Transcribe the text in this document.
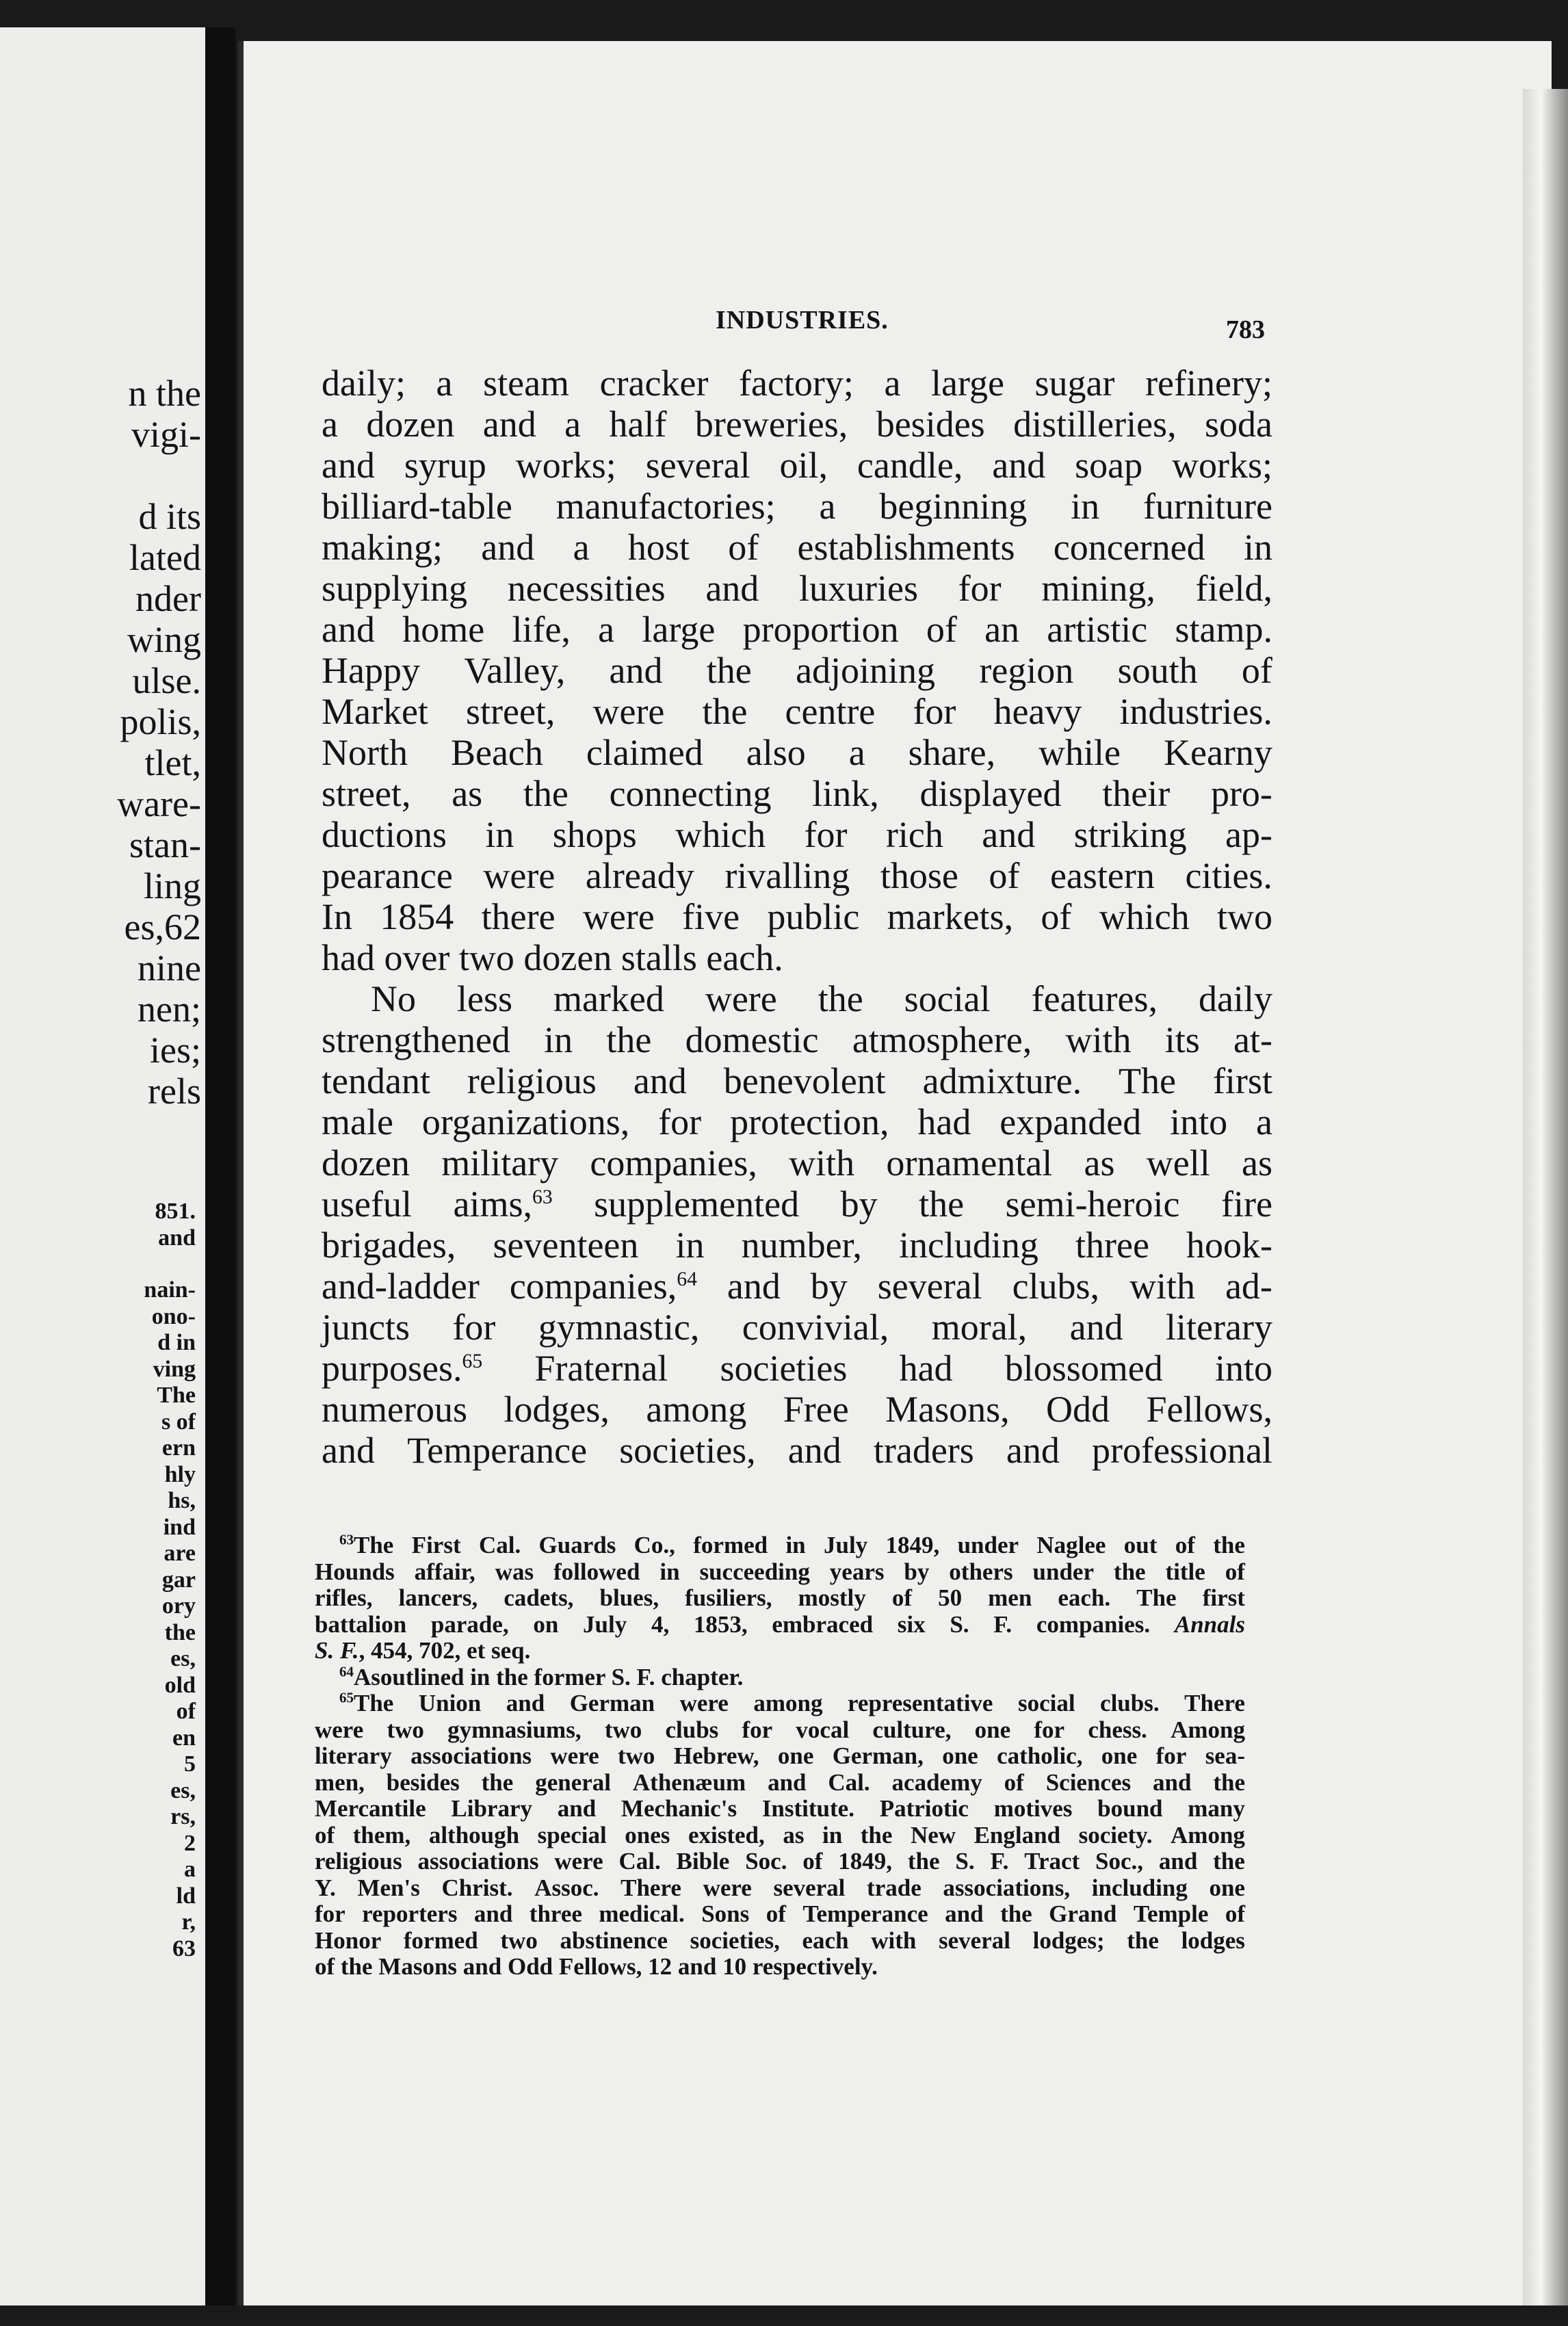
n the
vigi-
d its
lated
nder
wing
ulse.
polis,
tlet,
ware-
stan-
ling
es,62
nine
nen;
ies;
rels
851.
and
nain-
ono-
d in
ving
The
s of
ern
hly
hs,
ind
are
gar
ory
the
es,
old
of
en
5
es,
rs,
2
a
ld
r,
63
INDUSTRIES.	783
daily; a steam cracker factory; a large sugar refinery;
a dozen and a half breweries, besides distilleries, soda
and syrup works; several oil, candle, and soap works;
billiard-table manufactories; a beginning in furniture
making; and a host of establishments concerned in
supplying necessities and luxuries for mining, field,
and home life, a large proportion of an artistic stamp.
Happy Valley, and the adjoining region south of
Market street, were the centre for heavy industries.
North Beach claimed also a share, while Kearny
street, as the connecting link, displayed their pro-
ductions in shops which for rich and striking ap-
pearance were already rivalling those of eastern cities.
In 1854 there were five public markets, of which two
had over two dozen stalls each.
No less marked were the social features, daily
strengthened in the domestic atmosphere, with its at-
tendant religious and benevolent admixture. The first
male organizations, for protection, had expanded into a
dozen military companies, with ornamental as well as
useful aims,$^{63}$ supplemented by the semi-heroic fire
brigades, seventeen in number, including three hook-
and-ladder companies,$^{64}$ and by several clubs, with ad-
juncts for gymnastic, convivial, moral, and literary
purposes.$^{65}$ Fraternal societies had blossomed into
numerous lodges, among Free Masons, Odd Fellows,
and Temperance societies, and traders and professional
$^{63}$The First Cal. Guards Co., formed in July 1849, under Naglee out of the
Hounds affair, was followed in succeeding years by others under the title of
rifles, lancers, cadets, blues, fusiliers, mostly of 50 men each. The first
battalion parade, on July 4, 1853, embraced six S. F. companies. Annals
S. F. , 454, 702, et seq.
$^{64}$As outlined in the former S. F. chapter.
$^{65}$The Union and German were among representative social clubs. There
were two gymnasiums, two clubs for vocal culture, one for chess. Among
literary associations were two Hebrew, one German, one catholic, one for sea-
men, besides the general Athenæum and Cal. academy of Sciences and the
Mercantile Library and Mechanic's Institute. Patriotic motives bound many
of them, although special ones existed, as in the New England society. Among
religious associations were Cal. Bible Soc. of 1849, the S. F. Tract Soc., and the
Y. Men's Christ. Assoc. There were several trade associations, including one
for reporters and three medical. Sons of Temperance and the Grand Temple of
Honor formed two abstinence societies, each with several lodges; the lodges
of the Masons and Odd Fellows, 12 and 10 respectively.
